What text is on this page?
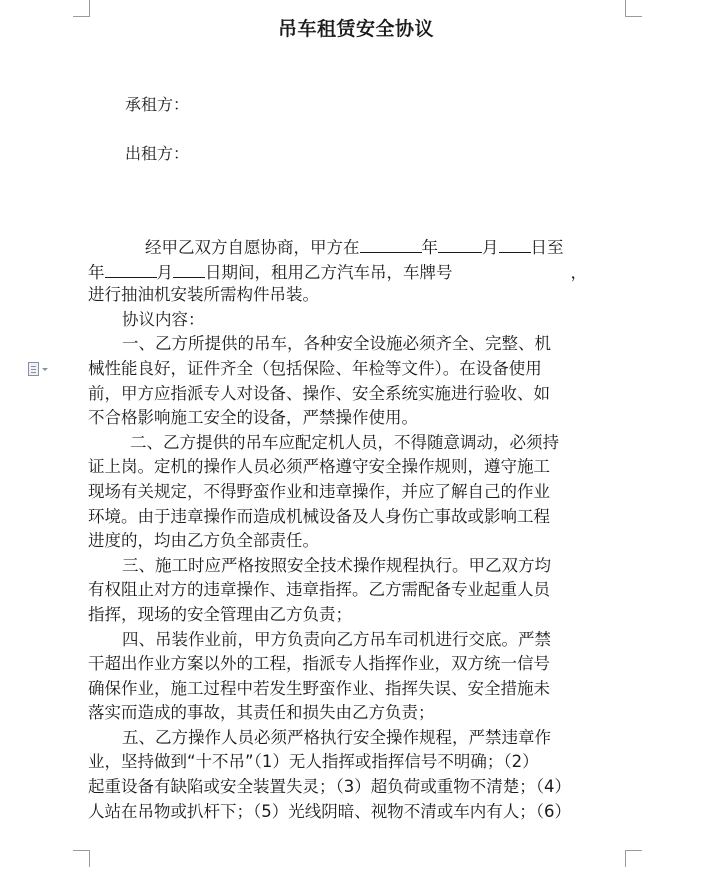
吊车租赁安全协议
承租方：
出租方：
经甲乙双方自愿协商，甲方在	年	月 日至
年	月 日期间，租用乙方汽车吊，车牌号	，
进行抽油机安装所需构件吊装。
协议内容：
一、乙方所提供的吊车，各种安全设施必须齐全、完整、机
械性能良好，证件齐全（包括保险、年检等文件）。在设备使用
前，甲方应指派专人对设备、操作、安全系统实施进行验收、如
不合格影响施工安全的设备，严禁操作使用。
二、乙方提供的吊车应配定机人员，不得随意调动，必须持
证上岗。定机的操作人员必须严格遵守安全操作规则，遵守施工
现场有关规定，不得野蛮作业和违章操作，并应了解自己的作业
环境。由于违章操作而造成机械设备及人身伤亡事故或影响工程
进度的，均由乙方负全部责任。
三、施工时应严格按照安全技术操作规程执行。甲乙双方均
有权阻止对方的违章操作、违章指挥。乙方需配备专业起重人员
指挥，现场的安全管理由乙方负责；
四、吊装作业前，甲方负责向乙方吊车司机进行交底。严禁
干超出作业方案以外的工程，指派专人指挥作业，双方统一信号
确保作业，施工过程中若发生野蛮作业、指挥失误、安全措施未
落实而造成的事故，其责任和损失由乙方负责；
五、乙方操作人员必须严格执行安全操作规程，严禁违章作
业，坚持做到“十不吊”（1）无人指挥或指挥信号不明确；（2）
起重设备有缺陷或安全装置失灵；（3）超负荷或重物不清楚；（4）
人站在吊物或扒杆下；（5）光线阴暗、视物不清或车内有人；（6）
